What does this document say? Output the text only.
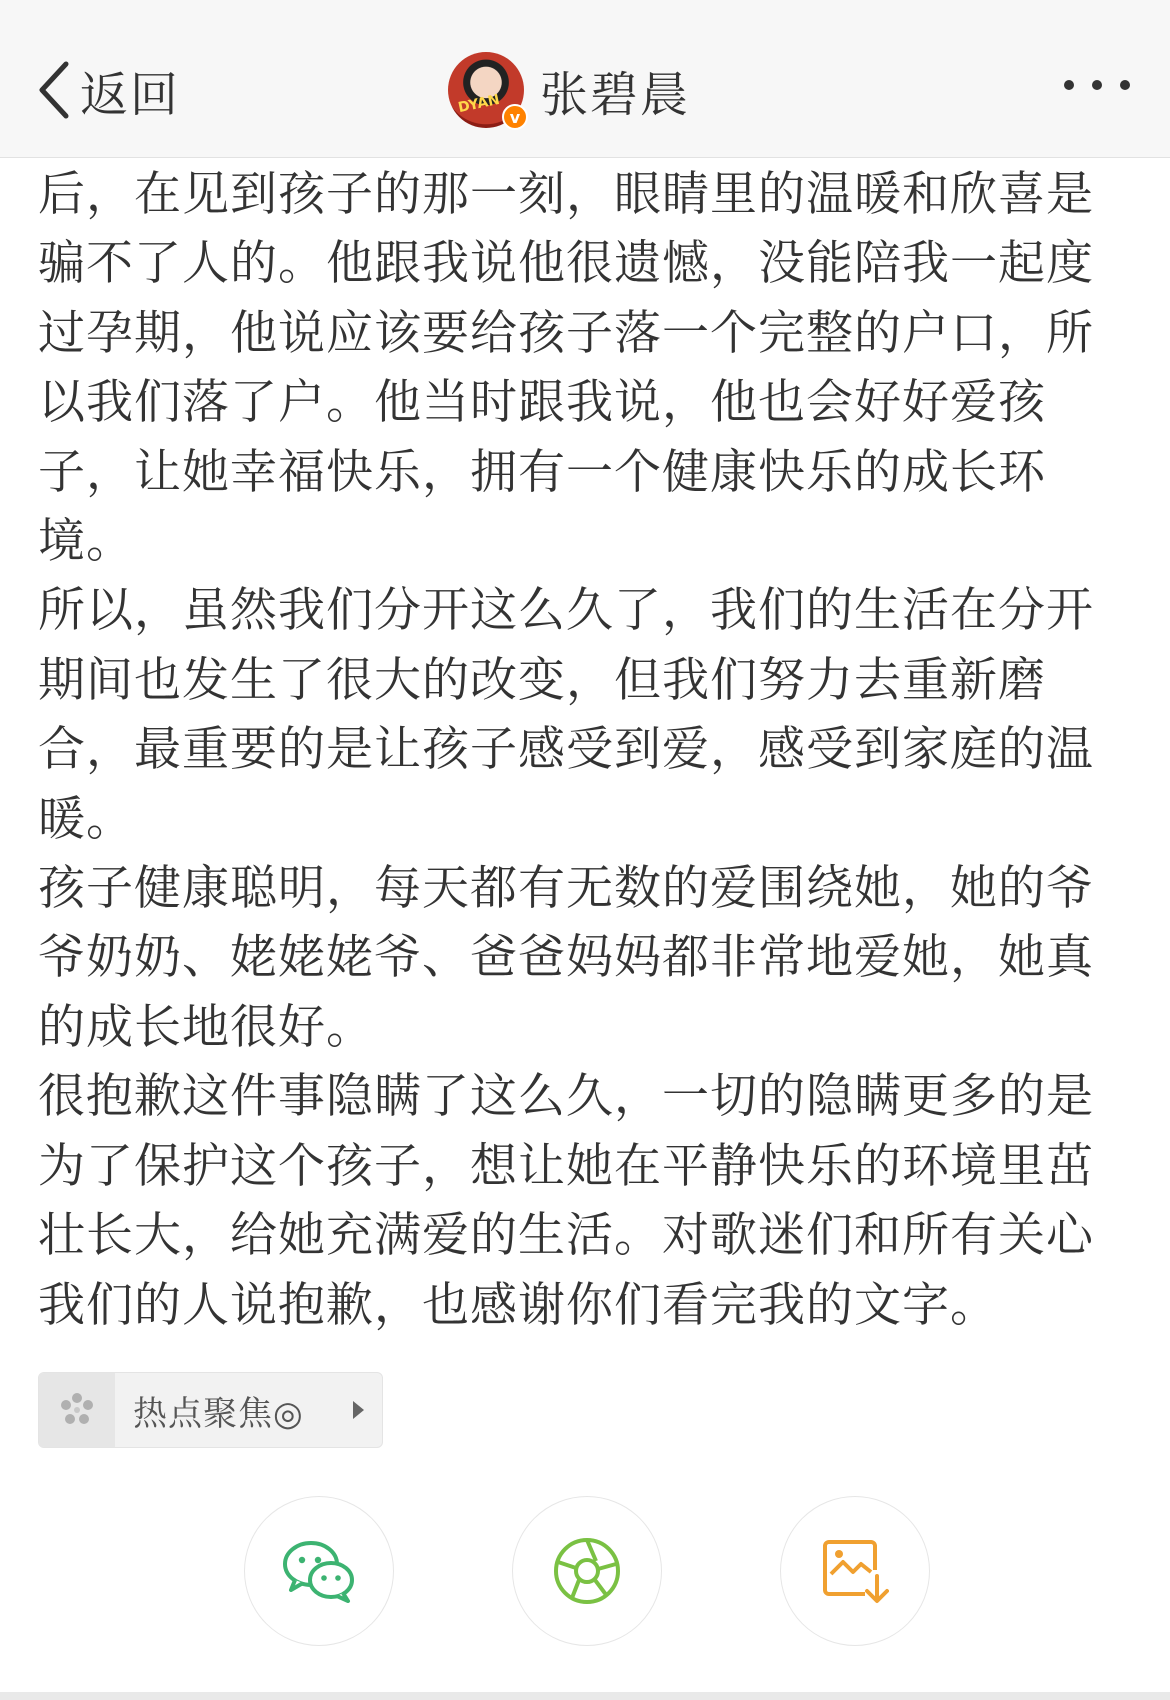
返回	DYAN
v 张碧晨

后，在见到孩子的那一刻，眼睛里的温暖和欣喜是骗不了人的。他跟我说他很遗憾，没能陪我一起度过孕期，他说应该要给孩子落一个完整的户口，所以我们落了户。他当时跟我说，他也会好好爱孩子，让她幸福快乐，拥有一个健康快乐的成长环境。

所以，虽然我们分开这么久了，我们的生活在分开期间也发生了很大的改变，但我们努力去重新磨合，最重要的是让孩子感受到爱，感受到家庭的温暖。

孩子健康聪明，每天都有无数的爱围绕她，她的爷爷奶奶、姥姥姥爷、爸爸妈妈都非常地爱她，她真的成长地很好。

很抱歉这件事隐瞒了这么久，一切的隐瞒更多的是为了保护这个孩子，想让她在平静快乐的环境里茁壮长大，给她充满爱的生活。对歌迷们和所有关心我们的人说抱歉，也感谢你们看完我的文字。

热点聚焦◎
